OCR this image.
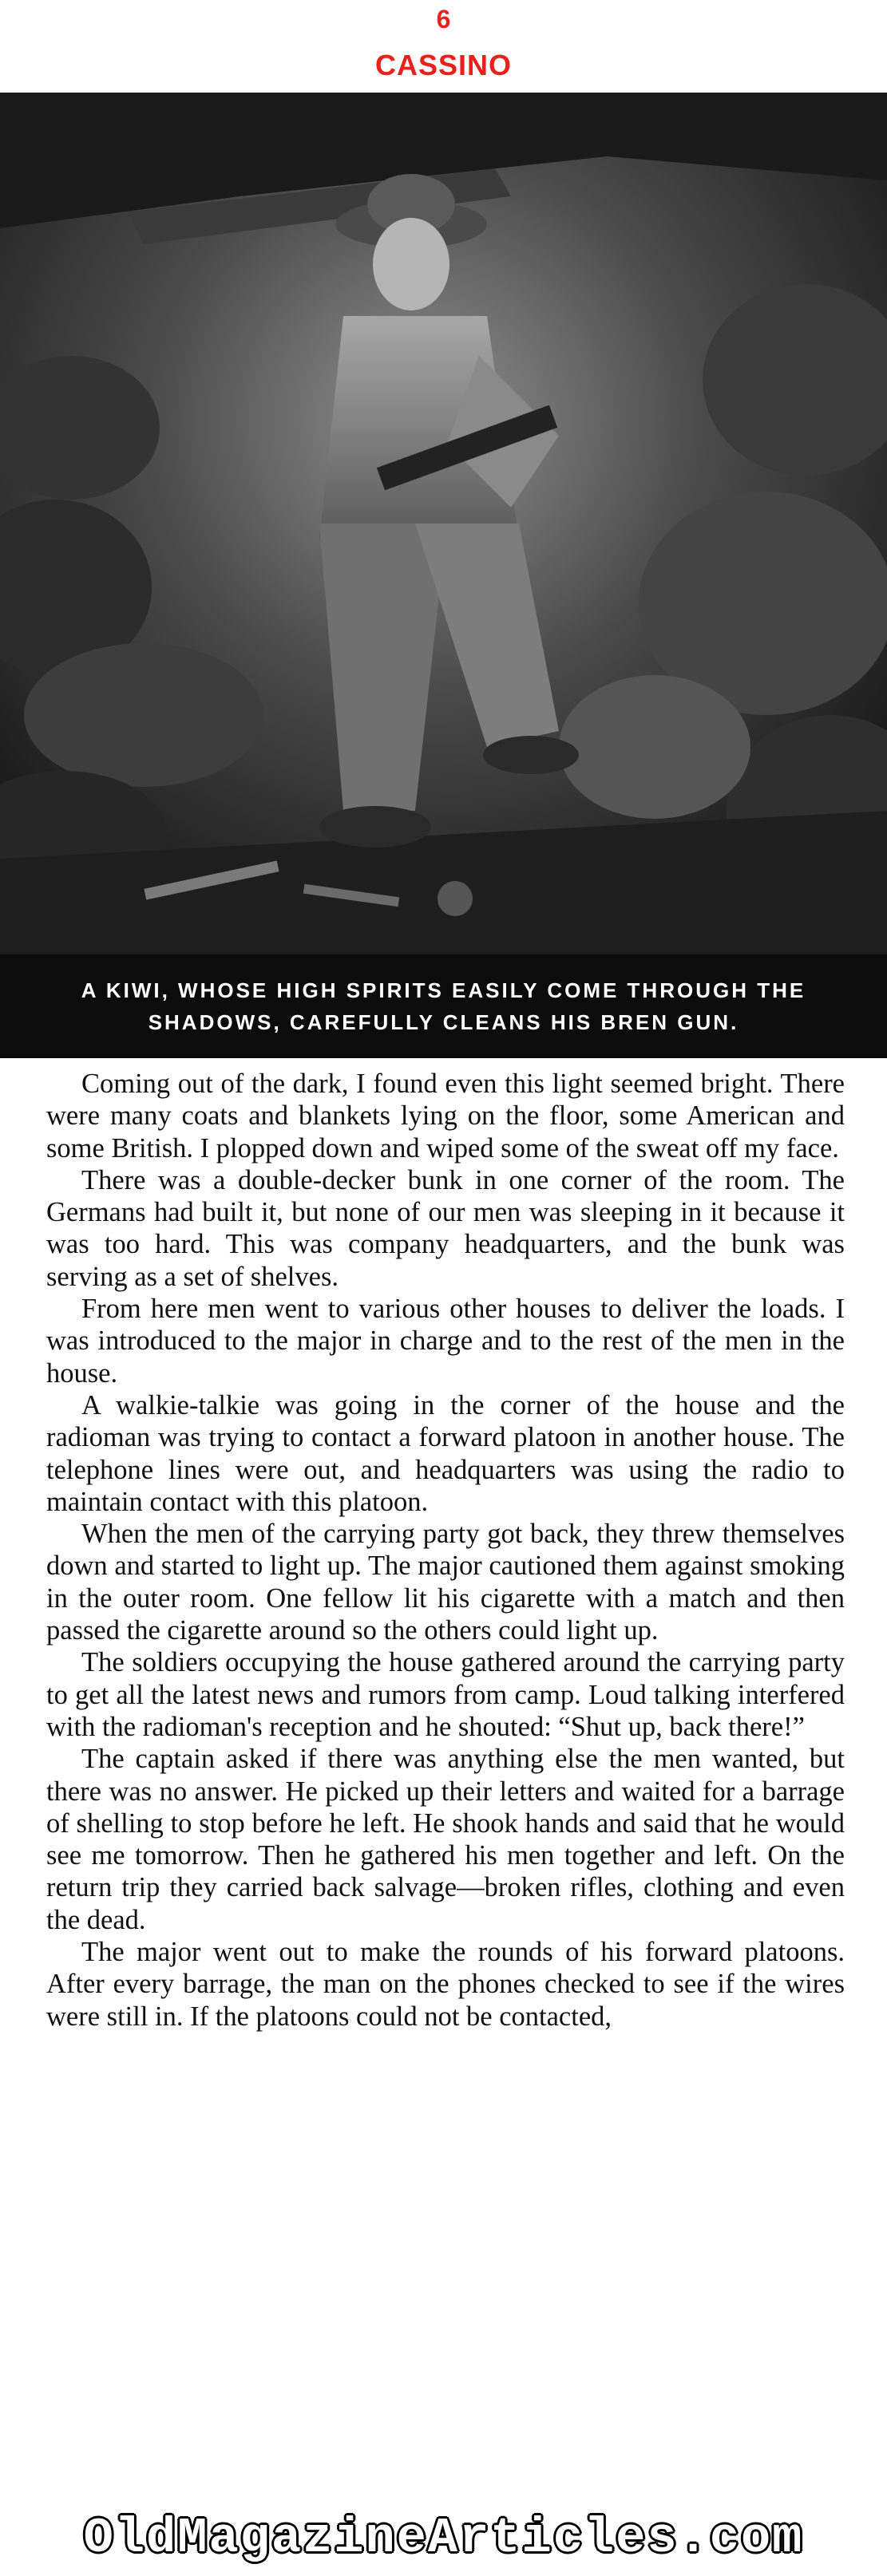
6
CASSINO
A KIWI, WHOSE HIGH SPIRITS EASILY COME THROUGH THE
SHADOWS, CAREFULLY CLEANS HIS BREN GUN.

Coming out of the dark, I found even this light seemed bright. There were many coats and blankets lying on the floor, some American and some British. I plopped down and wiped some of the sweat off my face.

There was a double-decker bunk in one corner of the room. The Germans had built it, but none of our men was sleeping in it because it was too hard. This was company headquarters, and the bunk was serving as a set of shelves.

From here men went to various other houses to deliver the loads. I was introduced to the major in charge and to the rest of the men in the house.

A walkie-talkie was going in the corner of the house and the radioman was trying to contact a forward platoon in another house. The telephone lines were out, and headquarters was using the radio to maintain contact with this platoon.

When the men of the carrying party got back, they threw themselves down and started to light up. The major cautioned them against smoking in the outer room. One fellow lit his cigarette with a match and then passed the cigarette around so the others could light up.

The soldiers occupying the house gathered around the carrying party to get all the latest news and rumors from camp. Loud talking interfered with the radioman's reception and he shouted: “Shut up, back there!”

The captain asked if there was anything else the men wanted, but there was no answer. He picked up their letters and waited for a barrage of shelling to stop before he left. He shook hands and said that he would see me tomorrow. Then he gathered his men together and left. On the return trip they carried back salvage—broken rifles, clothing and even the dead.

The major went out to make the rounds of his forward platoons. After every barrage, the man on the phones checked to see if the wires were still in. If the platoons could not be contacted,

OldMagazineArticles.com
